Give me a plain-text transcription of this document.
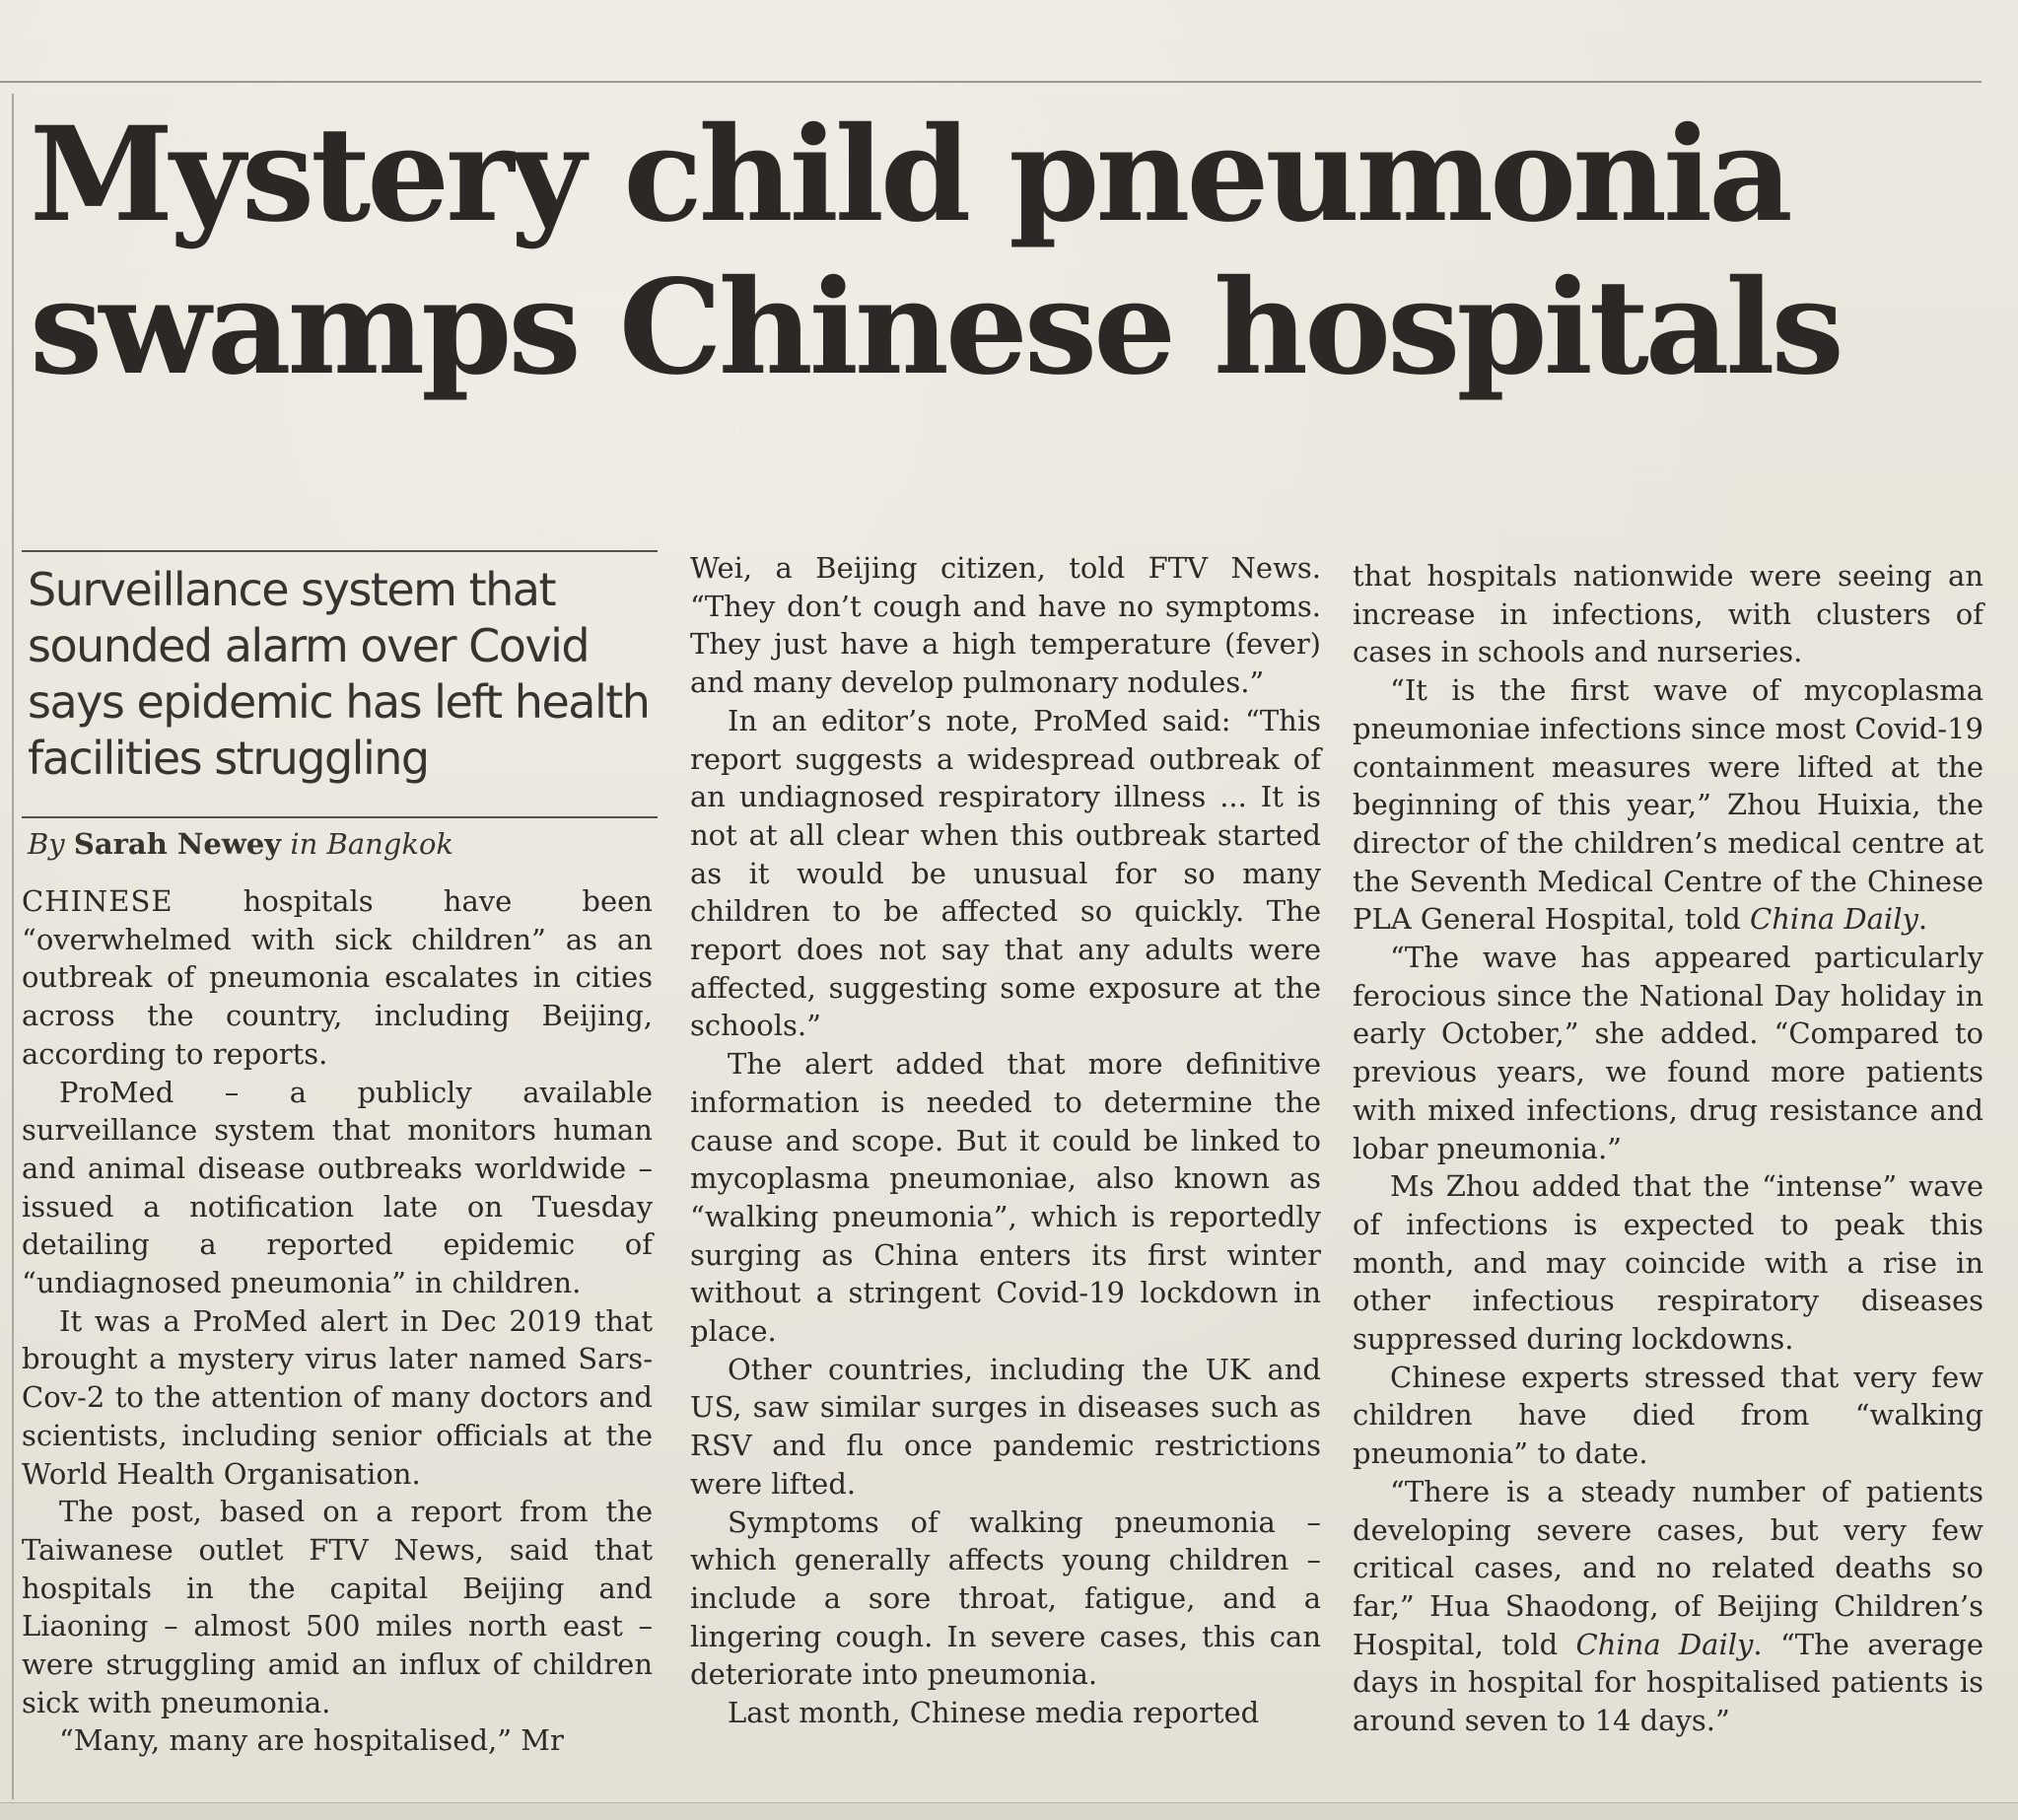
Mystery child pneumonia
swamps Chinese hospitals
Surveillance system that sounded alarm over Covid says epidemic has left health facilities struggling

By Sarah Newey in Bangkok

CHINESE hospitals have been “overwhelmed with sick children” as an outbreak of pneumonia escalates in cities across the country, including Beijing, according to reports.

ProMed – a publicly available surveillance system that monitors human and animal disease outbreaks worldwide – issued a notification late on Tuesday detailing a reported epidemic of “undiagnosed pneumonia” in children.

It was a ProMed alert in Dec 2019 that brought a mystery virus later named Sars-Cov-2 to the attention of many doctors and scientists, including senior officials at the World Health Organisation.

The post, based on a report from the Taiwanese outlet FTV News, said that hospitals in the capital Beijing and Liaoning – almost 500 miles north east – were struggling amid an influx of children sick with pneumonia.

“Many, many are hospitalised,” Mr

Wei, a Beijing citizen, told FTV News. “They don’t cough and have no symptoms. They just have a high temperature (fever) and many develop pulmonary nodules.”

In an editor’s note, ProMed said: “This report suggests a widespread outbreak of an undiagnosed respiratory illness ... It is not at all clear when this outbreak started as it would be unusual for so many children to be affected so quickly. The report does not say that any adults were affected, suggesting some exposure at the schools.”

The alert added that more definitive information is needed to determine the cause and scope. But it could be linked to mycoplasma pneumoniae, also known as “walking pneumonia”, which is reportedly surging as China enters its first winter without a stringent Covid-19 lockdown in place.

Other countries, including the UK and US, saw similar surges in diseases such as RSV and flu once pandemic restrictions were lifted.

Symptoms of walking pneumonia – which generally affects young children – include a sore throat, fatigue, and a lingering cough. In severe cases, this can deteriorate into pneumonia.

Last month, Chinese media reported

that hospitals nationwide were seeing an increase in infections, with clusters of cases in schools and nurseries.

“It is the first wave of mycoplasma pneumoniae infections since most Covid-19 containment measures were lifted at the beginning of this year,” Zhou Huixia, the director of the children’s medical centre at the Seventh Medical Centre of the Chinese PLA General Hospital, told China Daily.

“The wave has appeared particularly ferocious since the National Day holiday in early October,” she added. “Compared to previous years, we found more patients with mixed infections, drug resistance and lobar pneumonia.”

Ms Zhou added that the “intense” wave of infections is expected to peak this month, and may coincide with a rise in other infectious respiratory diseases suppressed during lockdowns.

Chinese experts stressed that very few children have died from “walking pneumonia” to date.

“There is a steady number of patients developing severe cases, but very few critical cases, and no related deaths so far,” Hua Shaodong, of Beijing Children’s Hospital, told China Daily. “The average days in hospital for hospitalised patients is around seven to 14 days.”
